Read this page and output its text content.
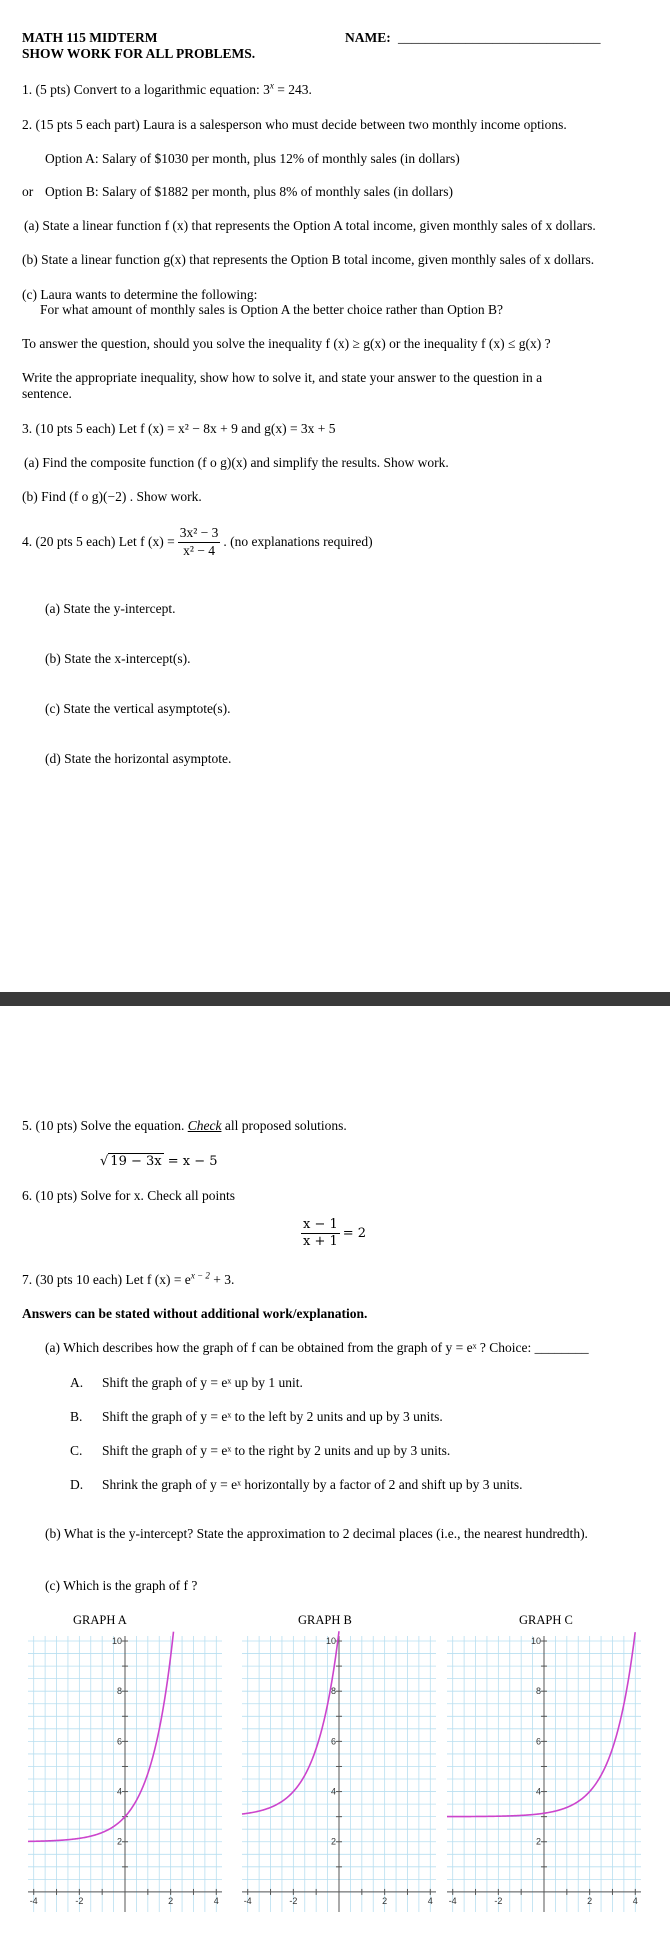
MATH 115 MIDTERM
SHOW WORK FOR ALL PROBLEMS.
NAME: ______________________________
1. (5 pts) Convert to a logarithmic equation: $3^x = 243$.
2. (15 pts 5 each part) Laura is a salesperson who must decide between two monthly income options.
Option A: Salary of $1030 per month, plus 12% of monthly sales (in dollars)
or Option B: Salary of $1882 per month, plus 8% of monthly sales (in dollars)
(a) State a linear function f (x) that represents the Option A total income, given monthly sales of x dollars.
(b) State a linear function g(x) that represents the Option B total income, given monthly sales of x dollars.
(c) Laura wants to determine the following:
For what amount of monthly sales is Option A the better choice rather than Option B?
To answer the question, should you solve the inequality f (x) ≥ g(x) or the inequality f (x) ≤ g(x) ?
Write the appropriate inequality, show how to solve it, and state your answer to the question in a
sentence.
3. (10 pts 5 each) Let f (x) = x² − 8x + 9 and g(x) = 3x + 5
(a) Find the composite function (f o g)(x) and simplify the results. Show work.
(b) Find (f o g)(−2) . Show work.
4. (20 pts 5 each) Let f $(x) = \frac{\text{3x² − 3}}{\text{x² − 4}}$ . (no explanations required)
(a) State the y-intercept.
(b) State the x-intercept(s).
(c) State the vertical asymptote(s).
(d) State the horizontal asymptote.
5. (10 pts) Solve the equation. Check all proposed solutions.
√ 19 − 3x = x − 5
6. (10 pts) Solve for x. Check all points
$\frac{x - 1}{x + 1} = 2$
7. (30 pts 10 each) Let f $(x) = e^{x - 2} + 3$.
Answers can be stated without additional work/explanation.
(a) Which describes how the graph of f can be obtained from the graph of y = eˣ ? Choice: ________
A. Shift the graph of y = eˣ up by 1 unit.
B. Shift the graph of y = eˣ to the left by 2 units and up by 3 units.
C. Shift the graph of y = eˣ to the right by 2 units and up by 3 units.
D. Shrink the graph of y = eˣ horizontally by a factor of 2 and shift up by 3 units.
(b) What is the y-intercept? State the approximation to 2 decimal places (i.e., the nearest hundredth).
(c) Which is the graph of f ?
GRAPH A	GRAPH B	GRAPH C
10
8
6
4
2
-4	-2	2	4
10
8
6
4
2
-4	-2	2	4
10
8
6
4
2
-4	-2	2	4
